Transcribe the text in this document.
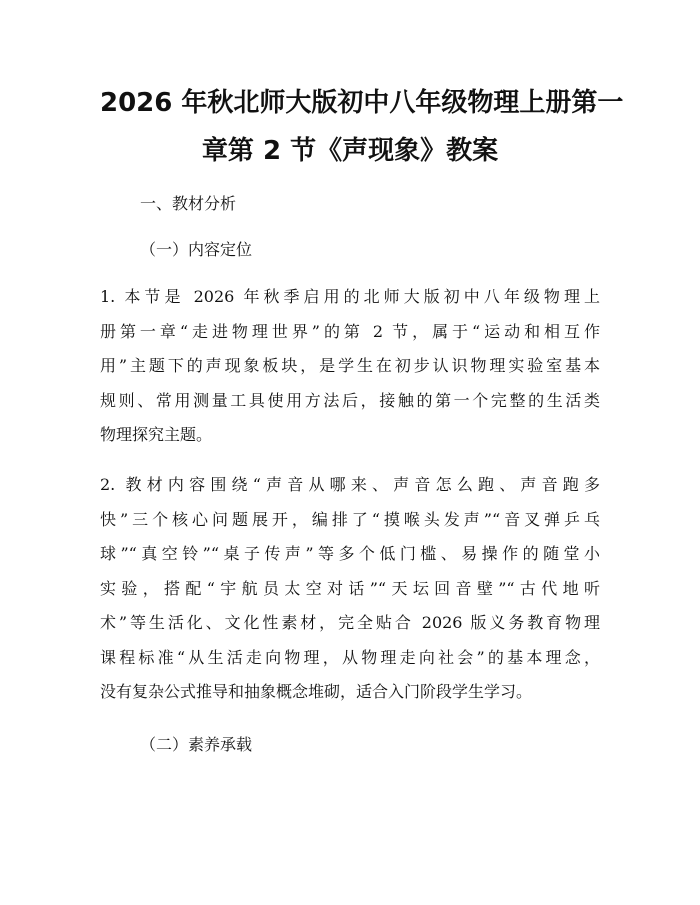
2026 年秋北师大版初中八年级物理上册第一
章第 2 节《声现象》教案

一、教材分析

（一）内容定位

1. 本节是 2026 年秋季启用的北师大版初中八年级物理上
册第一章“走进物理世界”的第 2 节，属于“运动和相互作
用”主题下的声现象板块，是学生在初步认识物理实验室基本
规则、常用测量工具使用方法后，接触的第一个完整的生活类
物理探究主题。
2. 教材内容围绕“声音从哪来、声音怎么跑、声音跑多
快”三个核心问题展开，编排了“摸喉头发声”“音叉弹乒乓
球”“真空铃”“桌子传声”等多个低门槛、易操作的随堂小
实验，搭配“宇航员太空对话”“天坛回音壁”“古代地听
术”等生活化、文化性素材，完全贴合 2026 版义务教育物理
课程标准“从生活走向物理，从物理走向社会”的基本理念，
没有复杂公式推导和抽象概念堆砌，适合入门阶段学生学习。

（二）素养承载
